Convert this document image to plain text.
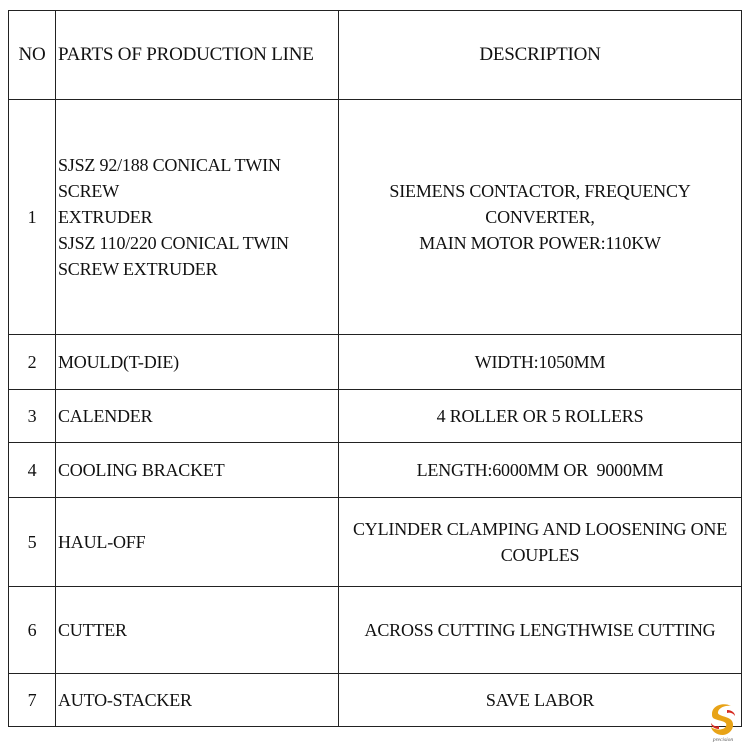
NO	PARTS OF PRODUCTION LINE	DESCRIPTION
1	SJSZ 92/188 CONICAL TWIN SCREW
EXTRUDER
SJSZ 110/220 CONICAL TWIN
SCREW EXTRUDER	SIEMENS CONTACTOR, FREQUENCY CONVERTER,
MAIN MOTOR POWER:110KW

2	MOULD(T-DIE)	WIDTH:1050MM
3	CALENDER	4 ROLLER OR 5 ROLLERS
4	COOLING BRACKET	LENGTH:6000MM OR  9000MM
5	HAUL-OFF	CYLINDER CLAMPING AND LOOSENING ONE
COUPLES

6	CUTTER	ACROSS CUTTING LENGTHWISE CUTTING
7	AUTO-STACKER	SAVE LABOR
precision
